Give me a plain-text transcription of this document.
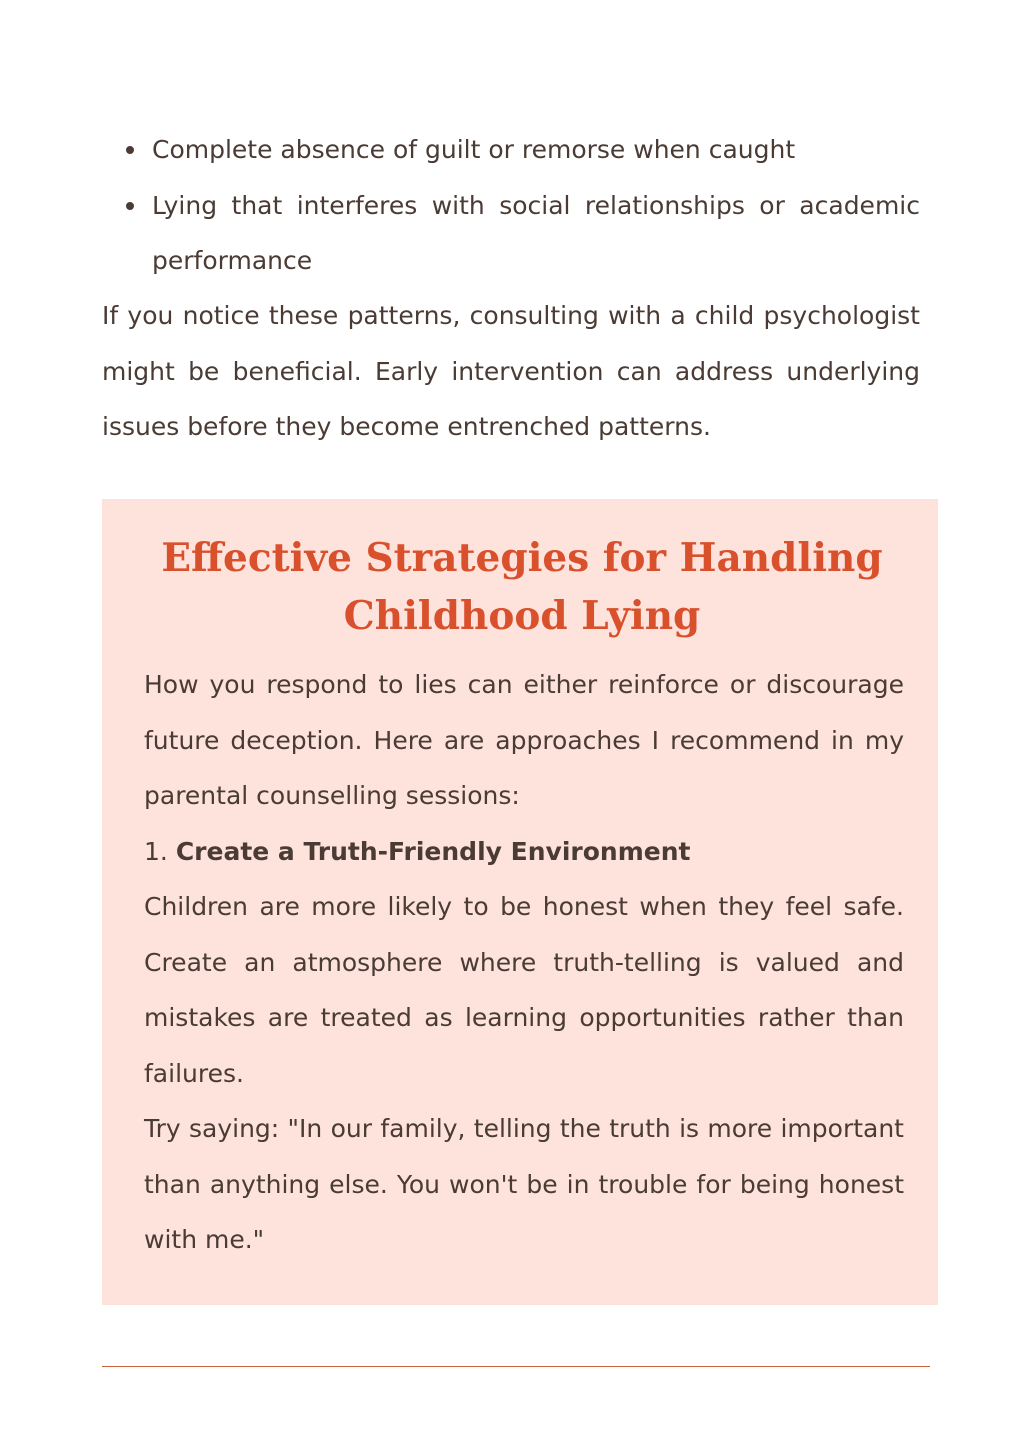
Complete absence of guilt or remorse when caught
Lying that interferes with social relationships or academic performance

If you notice these patterns, consulting with a child psychologist might be beneficial. Early intervention can address underlying issues before they become entrenched patterns.

Effective Strategies for Handling Childhood Lying

How you respond to lies can either reinforce or discourage future deception. Here are approaches I recommend in my parental counselling sessions:

1. Create a Truth-Friendly Environment

Children are more likely to be honest when they feel safe. Create an atmosphere where truth-telling is valued and mistakes are treated as learning opportunities rather than failures.

Try saying: "In our family, telling the truth is more important than anything else. You won't be in trouble for being honest with me."
